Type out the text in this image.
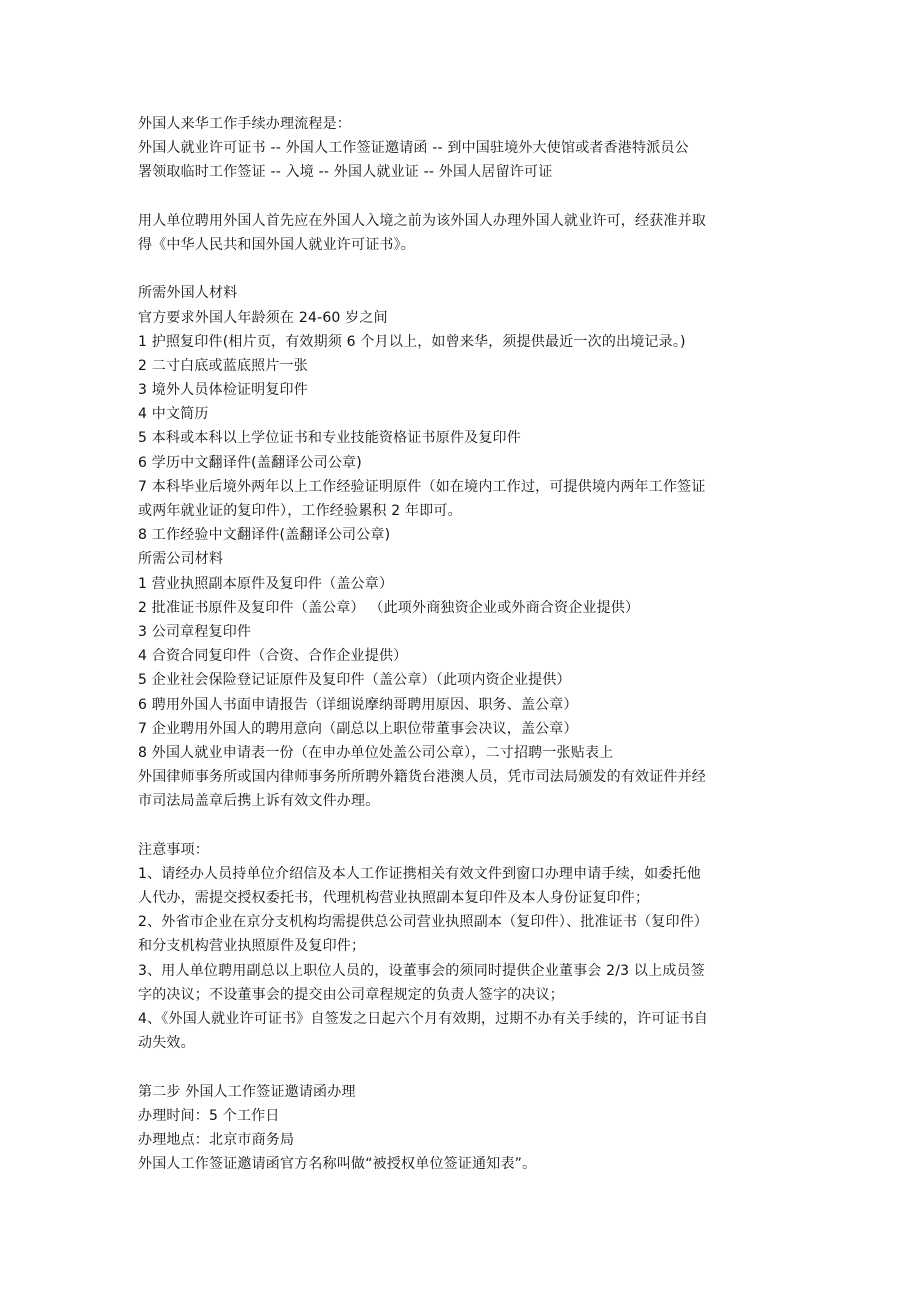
外国人来华工作手续办理流程是：
外国人就业许可证书 -- 外国人工作签证邀请函 -- 到中国驻境外大使馆或者香港特派员公
署领取临时工作签证 -- 入境 -- 外国人就业证 -- 外国人居留许可证
用人单位聘用外国人首先应在外国人入境之前为该外国人办理外国人就业许可，经获准并取
得《中华人民共和国外国人就业许可证书》。
所需外国人材料
官方要求外国人年龄须在 24-60 岁之间
1 护照复印件(相片页，有效期须 6 个月以上，如曾来华，须提供最近一次的出境记录。)
2 二寸白底或蓝底照片一张
3 境外人员体检证明复印件
4 中文简历
5 本科或本科以上学位证书和专业技能资格证书原件及复印件
6 学历中文翻译件(盖翻译公司公章)
7 本科毕业后境外两年以上工作经验证明原件（如在境内工作过，可提供境内两年工作签证
或两年就业证的复印件），工作经验累积 2 年即可。
8 工作经验中文翻译件(盖翻译公司公章)
所需公司材料
1 营业执照副本原件及复印件（盖公章）
2 批准证书原件及复印件（盖公章） （此项外商独资企业或外商合资企业提供）
3 公司章程复印件
4 合资合同复印件（合资、合作企业提供）
5 企业社会保险登记证原件及复印件（盖公章）（此项内资企业提供）
6 聘用外国人书面申请报告（详细说摩纳哥聘用原因、职务、盖公章）
7 企业聘用外国人的聘用意向（副总以上职位带董事会决议，盖公章）
8 外国人就业申请表一份（在申办单位处盖公司公章），二寸招聘一张贴表上
外国律师事务所或国内律师事务所所聘外籍货台港澳人员，凭市司法局颁发的有效证件并经
市司法局盖章后携上诉有效文件办理。
注意事项：
1、请经办人员持单位介绍信及本人工作证携相关有效文件到窗口办理申请手续，如委托他
人代办，需提交授权委托书，代理机构营业执照副本复印件及本人身份证复印件；
2、外省市企业在京分支机构均需提供总公司营业执照副本（复印件）、批准证书（复印件）
和分支机构营业执照原件及复印件；
3、用人单位聘用副总以上职位人员的，设董事会的须同时提供企业董事会 2/3 以上成员签
字的决议；不设董事会的提交由公司章程规定的负责人签字的决议；
4、《外国人就业许可证书》自签发之日起六个月有效期，过期不办有关手续的，许可证书自
动失效。
第二步 外国人工作签证邀请函办理
办理时间：5 个工作日
办理地点：北京市商务局
外国人工作签证邀请函官方名称叫做“被授权单位签证通知表”。
